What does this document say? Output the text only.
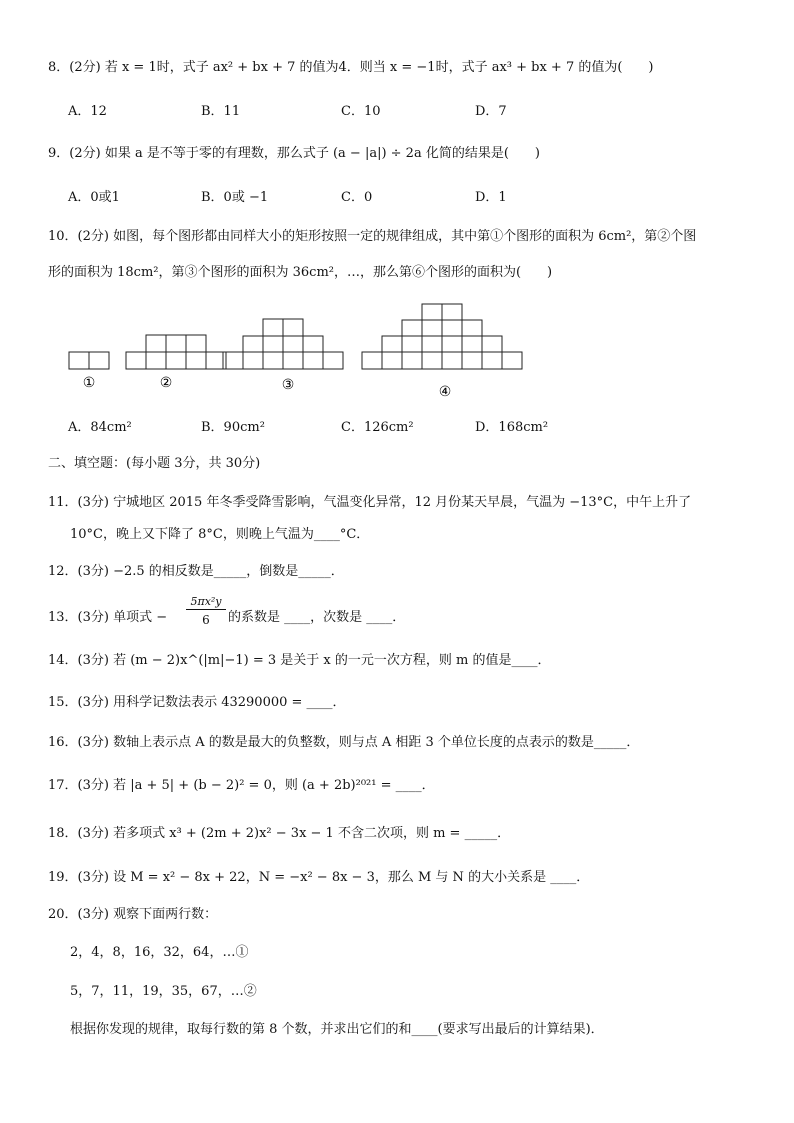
8．(2分) 若 x = 1时，式子 ax² + bx + 7 的值为4．则当 x = −1时，式子 ax³ + bx + 7 的值为(　　)
A．12	B．11	C．10	D．7
9．(2分) 如果 a 是不等于零的有理数，那么式子 (a − |a|) ÷ 2a 化简的结果是(　　)
A．0或1	B．0或 −1	C．0	D．1
10．(2分) 如图，每个图形都由同样大小的矩形按照一定的规律组成，其中第①个图形的面积为 6cm²，第②个图
形的面积为 18cm²，第③个图形的面积为 36cm²，…，那么第⑥个图形的面积为(　　)
①	②	③	④
A．84cm²	B．90cm²	C．126cm²	D．168cm²
二、填空题：(每小题 3分，共 30分)
11．(3分) 宁城地区 2015 年冬季受降雪影响，气温变化异常，12 月份某天早晨，气温为 −13°C，中午上升了
10°C，晚上又下降了 8°C，则晚上气温为____°C．
12．(3分) −2.5 的相反数是_____，倒数是_____．
13．(3分) 单项式 −
5πx²y
6	的系数是 ____，次数是 ____．
14．(3分) 若 (m − 2)x^(|m|−1) = 3 是关于 x 的一元一次方程，则 m 的值是____．
15．(3分) 用科学记数法表示 43290000 = ____．
16．(3分) 数轴上表示点 A 的数是最大的负整数，则与点 A 相距 3 个单位长度的点表示的数是_____．
17．(3分) 若 |a + 5| + (b − 2)² = 0，则 (a + 2b)²⁰²¹ = ____．
18．(3分) 若多项式 x³ + (2m + 2)x² − 3x − 1 不含二次项，则 m = _____．
19．(3分) 设 M = x² − 8x + 22，N = −x² − 8x − 3，那么 M 与 N 的大小关系是 ____．
20．(3分) 观察下面两行数：
2，4，8，16，32，64，…①
5，7，11，19，35，67，…②
根据你发现的规律，取每行数的第 8 个数，并求出它们的和____(要求写出最后的计算结果)．
